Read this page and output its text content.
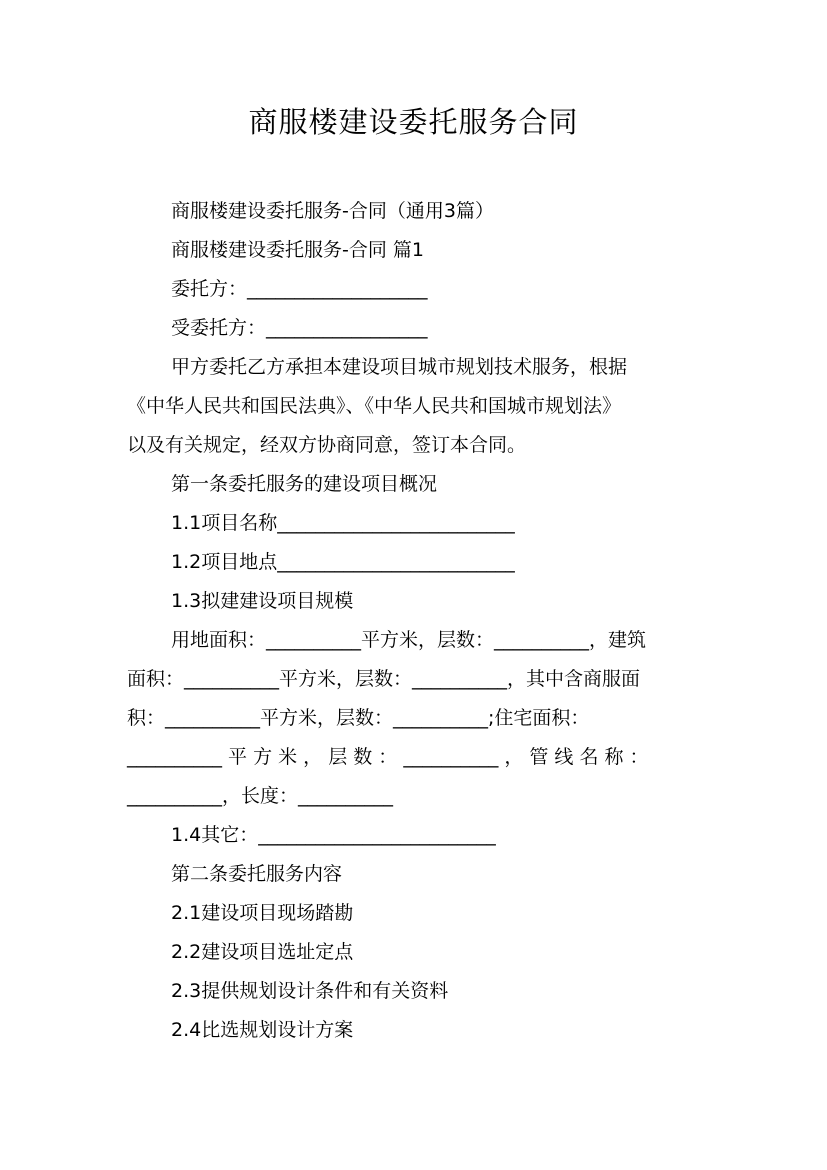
商服楼建设委托服务合同
商服楼建设委托服务-合同（通用3篇）
商服楼建设委托服务-合同 篇1
委托方：___________________
受委托方：_________________
甲方委托乙方承担本建设项目城市规划技术服务，根据
《中华人民共和国民法典》、《中华人民共和国城市规划法》
以及有关规定，经双方协商同意，签订本合同。
第一条委托服务的建设项目概况
1.1项目名称_________________________
1.2项目地点_________________________
1.3拟建建设项目规模
用地面积：__________平方米，层数：__________，建筑
面积：__________平方米，层数：__________，其中含商服面
积：__________平方米，层数：__________;住宅面积：
__________ 平 方 米 ， 层 数 ： __________ ， 管 线 名 称 ：
__________，长度：__________
1.4其它：_________________________
第二条委托服务内容
2.1建设项目现场踏勘
2.2建设项目选址定点
2.3提供规划设计条件和有关资料
2.4比选规划设计方案
